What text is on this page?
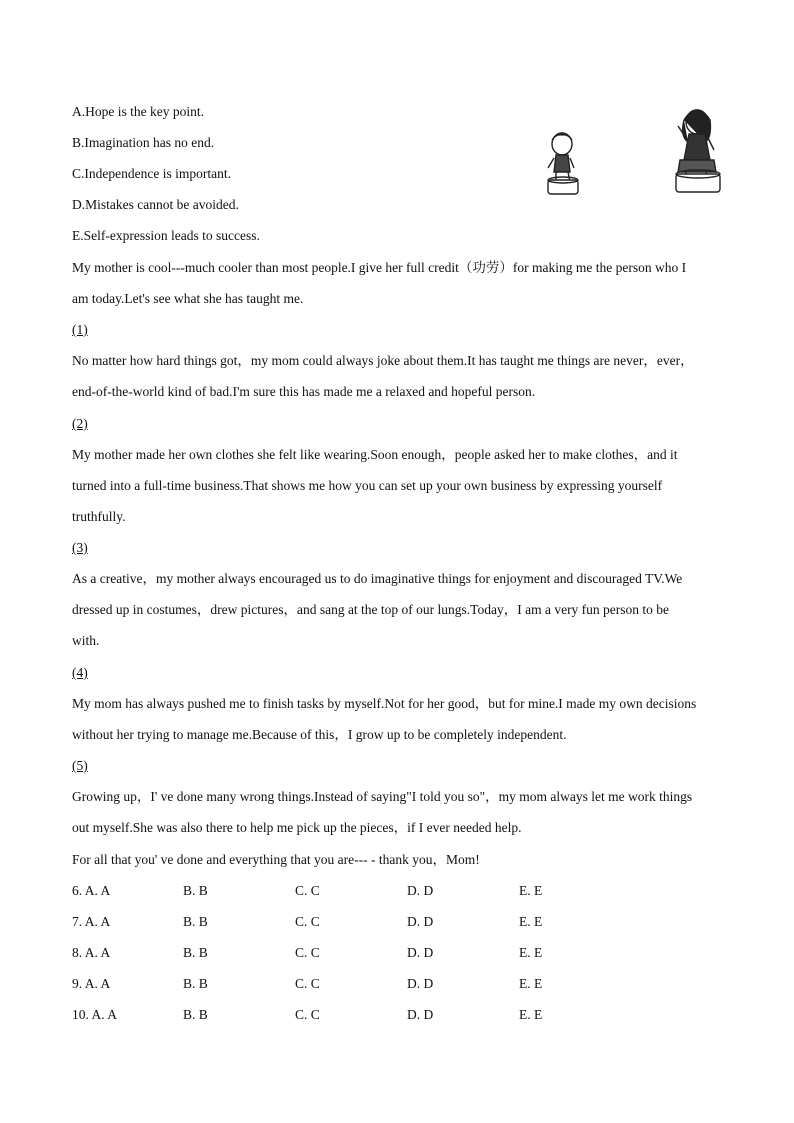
A.Hope is the key point.
B.Imagination has no end.
C.Independence is important.
D.Mistakes cannot be avoided.
E.Self-expression leads to success.
My mother is cool---much cooler than most people.I give her full credit（功劳）for making me the person who I
am today.Let's see what she has taught me.
(1)
No matter how hard things got，my mom could always joke about them.It has taught me things are never，ever，
end-of-the-world kind of bad.I'm sure this has made me a relaxed and hopeful person.
(2)
My mother made her own clothes she felt like wearing.Soon enough，people asked her to make clothes，and it
turned into a full-time business.That shows me how you can set up your own business by expressing yourself
truthfully.
(3)
As a creative，my mother always encouraged us to do imaginative things for enjoyment and discouraged TV.We
dressed up in costumes，drew pictures，and sang at the top of our lungs.Today，I am a very fun person to be
with.
(4)
My mom has always pushed me to finish tasks by myself.Not for her good，but for mine.I made my own decisions
without her trying to manage me.Because of this，I grow up to be completely independent.
(5)
Growing up，I' ve done many wrong things.Instead of saying"I told you so"，my mom always let me work things
out myself.She was also there to help me pick up the pieces，if I ever needed help.
For all that you' ve done and everything that you are--- - thank you，Mom!
6. A. A	B. B	C. C	D. D	E. E
7. A. A	B. B	C. C	D. D	E. E
8. A. A	B. B	C. C	D. D	E. E
9. A. A	B. B	C. C	D. D	E. E
10. A. A	B. B	C. C	D. D	E. E
